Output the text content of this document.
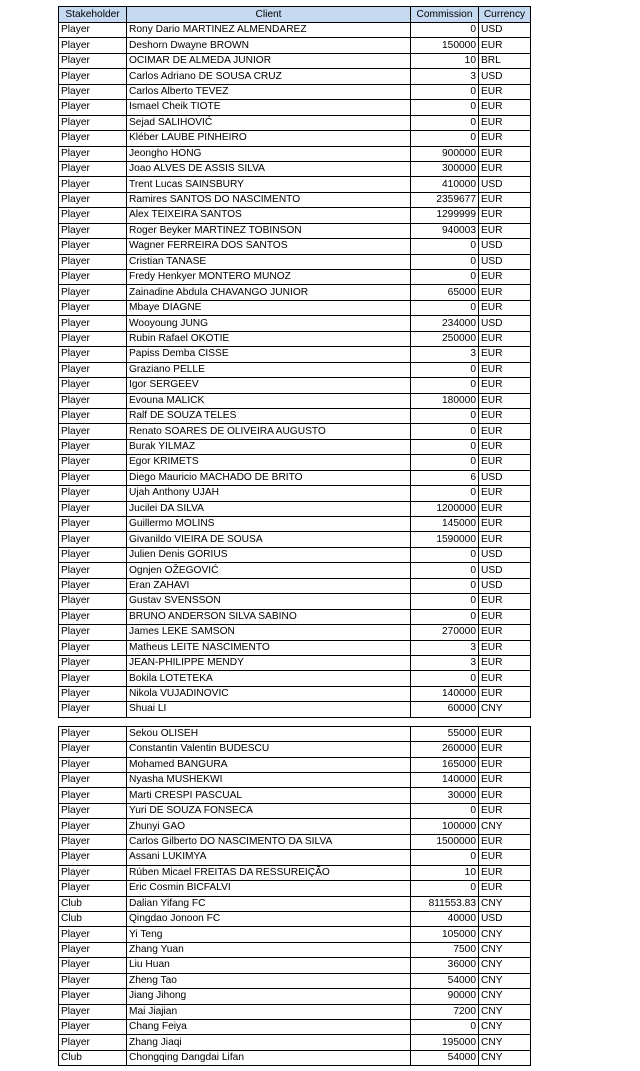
Stakeholder	Client	Commission	Currency
Player	Rony Dario MARTINEZ ALMENDAREZ	0	USD
Player	Deshorn Dwayne BROWN	150000	EUR
Player	OCIMAR DE ALMEDA JUNIOR	10	BRL
Player	Carlos Adriano DE SOUSA CRUZ	3	USD
Player	Carlos Alberto TEVEZ	0	EUR
Player	Ismael Cheik TIOTE	0	EUR
Player	Sejad SALIHOVIĆ	0	EUR
Player	Kléber LAUBE PINHEIRO	0	EUR
Player	Jeongho HONG	900000	EUR
Player	Joao ALVES DE ASSIS SILVA	300000	EUR
Player	Trent Lucas SAINSBURY	410000	USD
Player	Ramires SANTOS DO NASCIMENTO	2359677	EUR
Player	Alex TEIXEIRA SANTOS	1299999	EUR
Player	Roger Beyker MARTINEZ TOBINSON	940003	EUR
Player	Wagner FERREIRA DOS SANTOS	0	USD
Player	Cristian TANASE	0	USD
Player	Fredy Henkyer MONTERO MUNOZ	0	EUR
Player	Zainadine Abdula CHAVANGO JUNIOR	65000	EUR
Player	Mbaye DIAGNE	0	EUR
Player	Wooyoung JUNG	234000	USD
Player	Rubin Rafael OKOTIE	250000	EUR
Player	Papiss Demba CISSE	3	EUR
Player	Graziano PELLE	0	EUR
Player	Igor SERGEEV	0	EUR
Player	Evouna MALICK	180000	EUR
Player	Ralf DE SOUZA TELES	0	EUR
Player	Renato SOARES DE OLIVEIRA AUGUSTO	0	EUR
Player	Burak YILMAZ	0	EUR
Player	Egor KRIMETS	0	EUR
Player	Diego Mauricio MACHADO DE BRITO	6	USD
Player	Ujah Anthony UJAH	0	EUR
Player	Jucilei DA SILVA	1200000	EUR
Player	Guillermo MOLINS	145000	EUR
Player	Givanildo VIEIRA DE SOUSA	1590000	EUR
Player	Julien Denis GORIUS	0	USD
Player	Ognjen OŽEGOVIĆ	0	USD
Player	Eran ZAHAVI	0	USD
Player	Gustav SVENSSON	0	EUR
Player	BRUNO ANDERSON SILVA SABINO	0	EUR
Player	James LEKE SAMSON	270000	EUR
Player	Matheus LEITE NASCIMENTO	3	EUR
Player	JEAN-PHILIPPE MENDY	3	EUR
Player	Bokila LOTETEKA	0	EUR
Player	Nikola VUJADINOVIC	140000	EUR
Player	Shuai LI	60000	CNY

Player	Sekou OLISEH	55000	EUR
Player	Constantin Valentin BUDESCU	260000	EUR
Player	Mohamed BANGURA	165000	EUR
Player	Nyasha MUSHEKWI	140000	EUR
Player	Marti CRESPI PASCUAL	30000	EUR
Player	Yuri DE SOUZA FONSECA	0	EUR
Player	Zhunyi GAO	100000	CNY
Player	Carlos Gilberto DO NASCIMENTO DA SILVA	1500000	EUR
Player	Assani LUKIMYA	0	EUR
Player	Rúben Micael FREITAS DA RESSUREIÇÃO	10	EUR
Player	Eric Cosmin BICFALVI	0	EUR
Club	Dalian Yifang FC	811553.83	CNY
Club	Qingdao Jonoon FC	40000	USD
Player	Yi Teng	105000	CNY
Player	Zhang Yuan	7500	CNY
Player	Liu Huan	36000	CNY
Player	Zheng Tao	54000	CNY
Player	Jiang Jihong	90000	CNY
Player	Mai Jiajian	7200	CNY
Player	Chang Feiya	0	CNY
Player	Zhang Jiaqi	195000	CNY
Club	Chongqing Dangdai Lifan	54000	CNY
